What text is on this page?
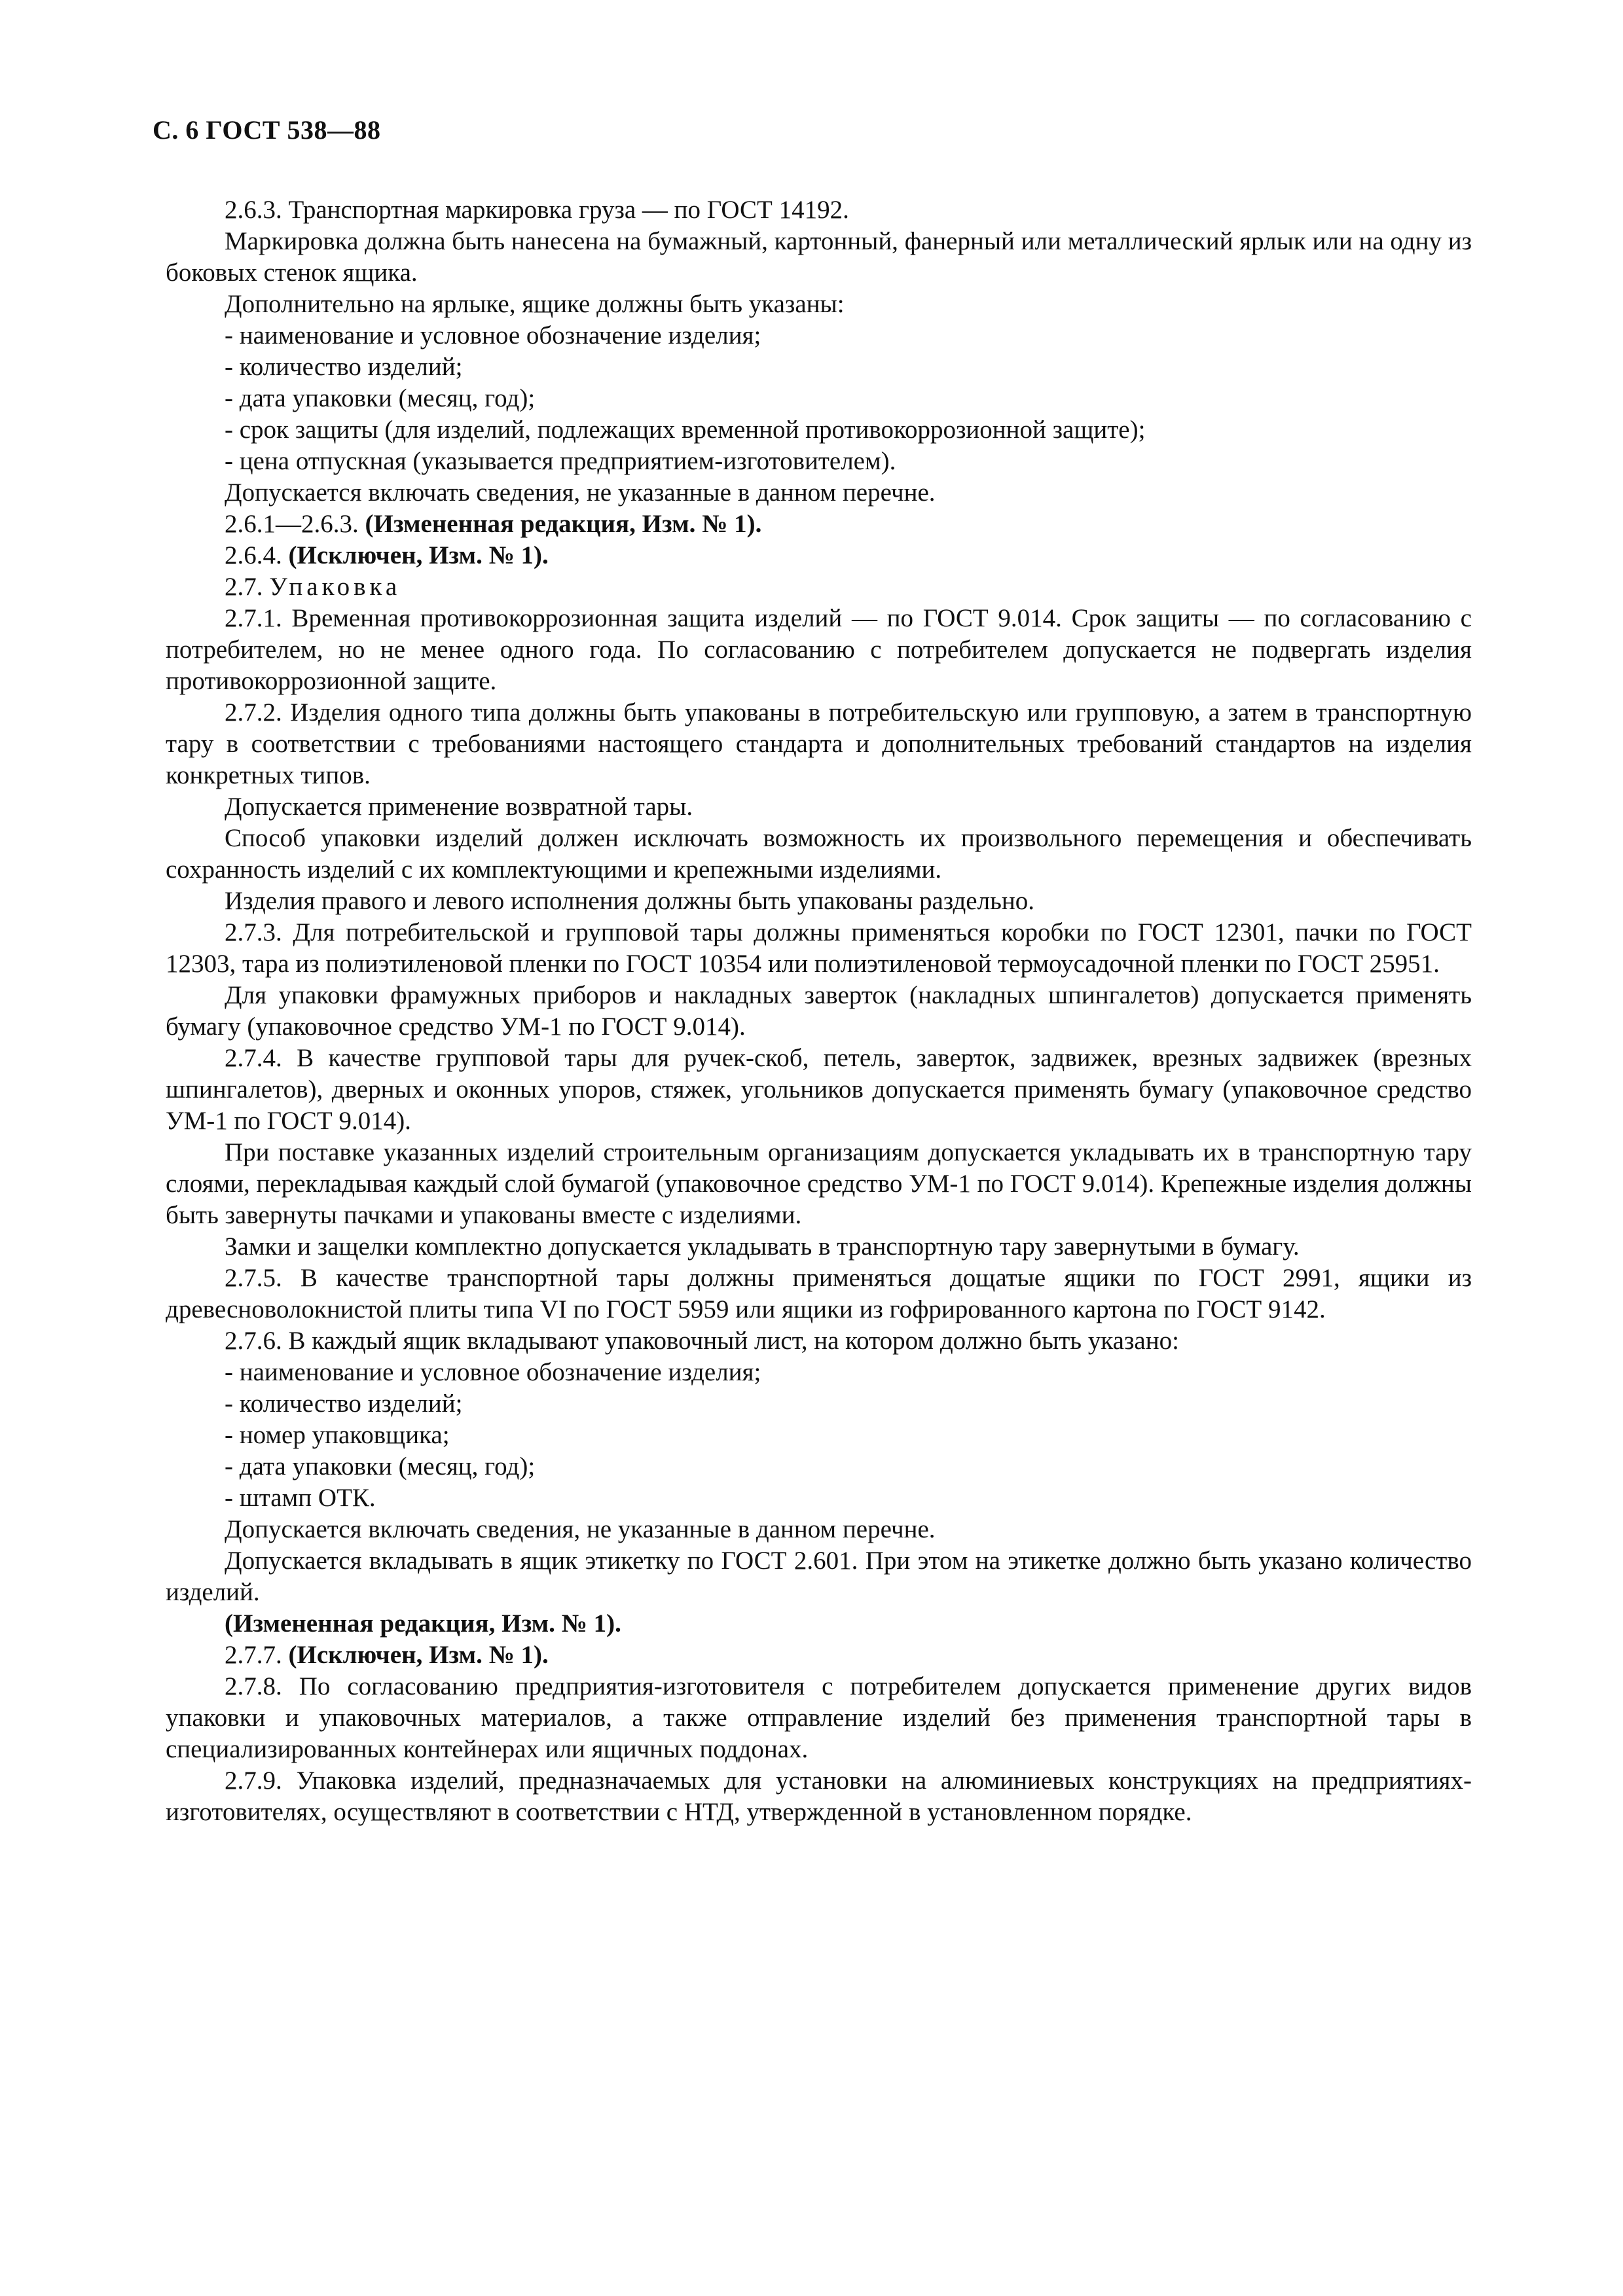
С. 6 ГОСТ 538—88

2.6.3. Транспортная маркировка груза — по ГОСТ 14192.

Маркировка должна быть нанесена на бумажный, картонный, фанерный или металлический ярлык или на одну из боковых стенок ящика.

Дополнительно на ярлыке, ящике должны быть указаны:

- наименование и условное обозначение изделия;

- количество изделий;

- дата упаковки (месяц, год);

- срок защиты (для изделий, подлежащих временной противокоррозионной защите);

- цена отпускная (указывается предприятием-изготовителем).

Допускается включать сведения, не указанные в данном перечне.

2.6.1—2.6.3. (Измененная редакция, Изм. № 1).

2.6.4. (Исключен, Изм. № 1).

2.7. Упаковка

2.7.1. Временная противокоррозионная защита изделий — по ГОСТ 9.014. Срок защиты — по согласованию с потребителем, но не менее одного года. По согласованию с потребителем допускается не подвергать изделия противокоррозионной защите.

2.7.2. Изделия одного типа должны быть упакованы в потребительскую или групповую, а затем в транспортную тару в соответствии с требованиями настоящего стандарта и дополнительных требований стандартов на изделия конкретных типов.

Допускается применение возвратной тары.

Способ упаковки изделий должен исключать возможность их произвольного перемещения и обеспечивать сохранность изделий с их комплектующими и крепежными изделиями.

Изделия правого и левого исполнения должны быть упакованы раздельно.

2.7.3. Для потребительской и групповой тары должны применяться коробки по ГОСТ 12301, пачки по ГОСТ 12303, тара из полиэтиленовой пленки по ГОСТ 10354 или полиэтиленовой термоусадочной пленки по ГОСТ 25951.

Для упаковки фрамужных приборов и накладных заверток (накладных шпингалетов) допускается применять бумагу (упаковочное средство УМ-1 по ГОСТ 9.014).

2.7.4. В качестве групповой тары для ручек-скоб, петель, заверток, задвижек, врезных задвижек (врезных шпингалетов), дверных и оконных упоров, стяжек, угольников допускается применять бумагу (упаковочное средство УМ-1 по ГОСТ 9.014).

При поставке указанных изделий строительным организациям допускается укладывать их в транспортную тару слоями, перекладывая каждый слой бумагой (упаковочное средство УМ-1 по ГОСТ 9.014). Крепежные изделия должны быть завернуты пачками и упакованы вместе с изделиями.

Замки и защелки комплектно допускается укладывать в транспортную тару завернутыми в бумагу.

2.7.5. В качестве транспортной тары должны применяться дощатые ящики по ГОСТ 2991, ящики из древесноволокнистой плиты типа VI по ГОСТ 5959 или ящики из гофрированного картона по ГОСТ 9142.

2.7.6. В каждый ящик вкладывают упаковочный лист, на котором должно быть указано:

- наименование и условное обозначение изделия;

- количество изделий;

- номер упаковщика;

- дата упаковки (месяц, год);

- штамп ОТК.

Допускается включать сведения, не указанные в данном перечне.

Допускается вкладывать в ящик этикетку по ГОСТ 2.601. При этом на этикетке должно быть указано количество изделий.

(Измененная редакция, Изм. № 1).

2.7.7. (Исключен, Изм. № 1).

2.7.8. По согласованию предприятия-изготовителя с потребителем допускается применение других видов упаковки и упаковочных материалов, а также отправление изделий без применения транспортной тары в специализированных контейнерах или ящичных поддонах.

2.7.9. Упаковка изделий, предназначаемых для установки на алюминиевых конструкциях на предприятиях-изготовителях, осуществляют в соответствии с НТД, утвержденной в установленном порядке.
